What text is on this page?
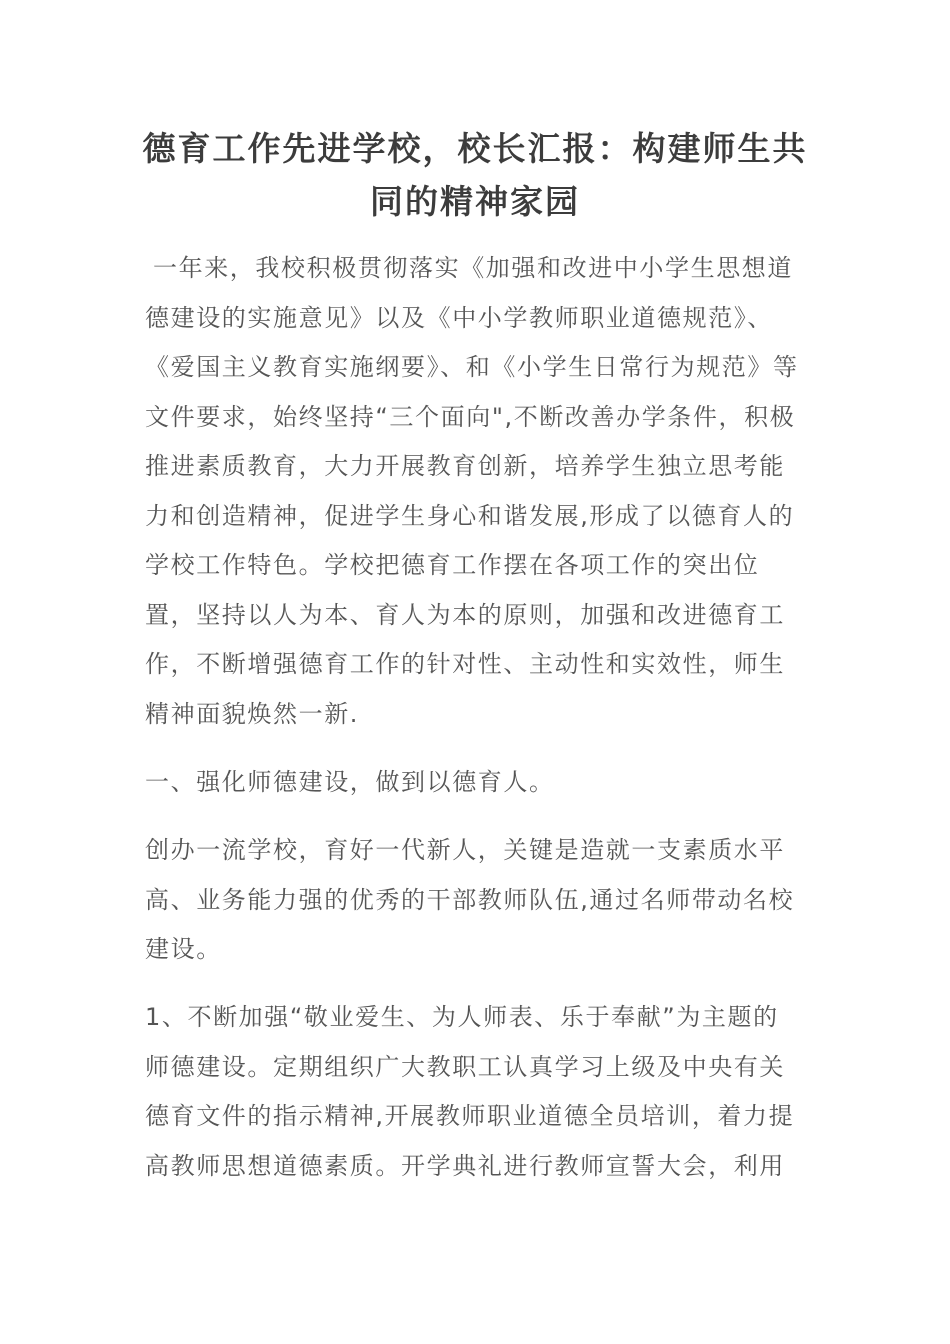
德育工作先进学校，校长汇报：构建师生共同的精神家园

一年来，我校积极贯彻落实《加强和改进中小学生思想道德建设的实施意见》以及《中小学教师职业道德规范》、《爱国主义教育实施纲要》、和《小学生日常行为规范》等文件要求，始终坚持“三个面向",不断改善办学条件，积极推进素质教育，大力开展教育创新，培养学生独立思考能力和创造精神，促进学生身心和谐发展,形成了以德育人的学校工作特色。学校把德育工作摆在各项工作的突出位置，坚持以人为本、育人为本的原则，加强和改进德育工作，不断增强德育工作的针对性、主动性和实效性，师生精神面貌焕然一新.

一、强化师德建设，做到以德育人。

创办一流学校，育好一代新人，关键是造就一支素质水平高、业务能力强的优秀的干部教师队伍,通过名师带动名校建设。

1、不断加强“敬业爱生、为人师表、乐于奉献”为主题的师德建设。定期组织广大教职工认真学习上级及中央有关德育文件的指示精神,开展教师职业道德全员培训，着力提高教师思想道德素质。开学典礼进行教师宣誓大会，利用
